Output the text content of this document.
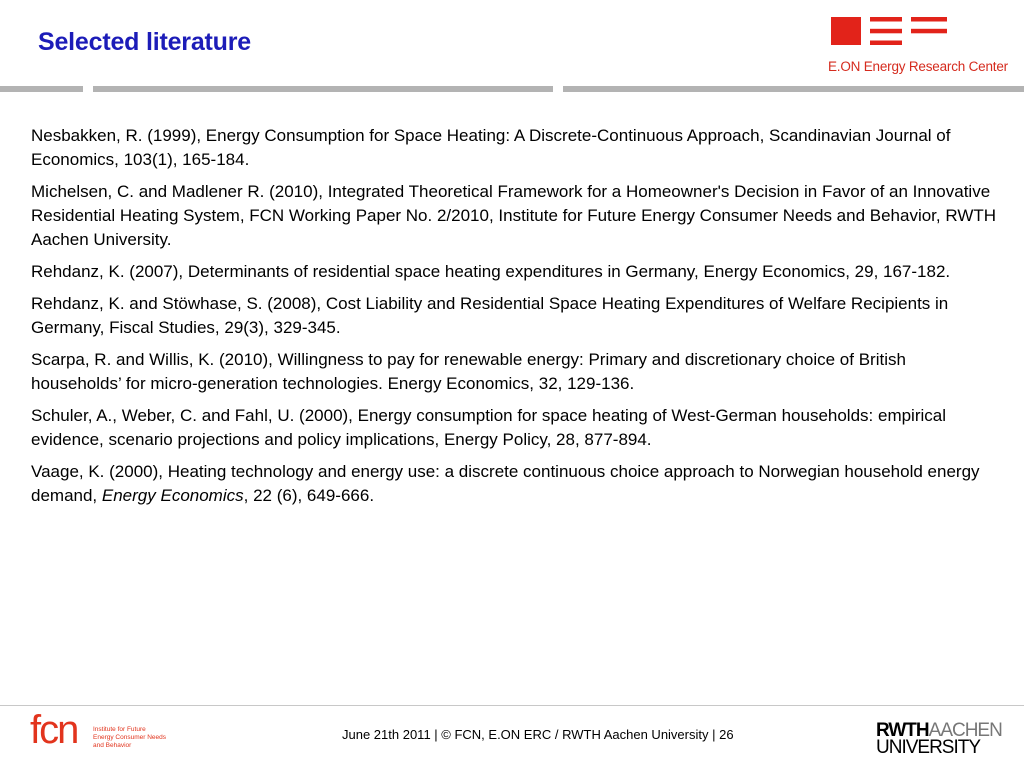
Selected literature
E.ON Energy Research Center

Nesbakken, R. (1999), Energy Consumption for Space Heating: A Discrete-Continuous Approach, Scandinavian Journal of Economics, 103(1), 165-184.

Michelsen, C. and Madlener R. (2010), Integrated Theoretical Framework for a Homeowner's Decision in Favor of an Innovative Residential Heating System, FCN Working Paper No. 2/2010, Institute for Future Energy Consumer Needs and Behavior, RWTH Aachen University.

Rehdanz, K. (2007), Determinants of residential space heating expenditures in Germany, Energy Economics, 29, 167-182.

Rehdanz, K. and Stöwhase, S. (2008), Cost Liability and Residential Space Heating Expenditures of Welfare Recipients in Germany, Fiscal Studies, 29(3), 329-345.

Scarpa, R. and Willis, K. (2010), Willingness to pay for renewable energy: Primary and discretionary choice of British households’ for micro-generation technologies. Energy Economics, 32, 129-136.

Schuler, A., Weber, C. and Fahl, U. (2000), Energy consumption for space heating of West-German households: empirical evidence, scenario projections and policy implications, Energy Policy, 28, 877-894.

Vaage, K. (2000), Heating technology and energy use: a discrete continuous choice approach to Norwegian household energy demand, Energy Economics, 22 (6), 649-666.

fcn Institute for Future
Energy Consumer Needs
and Behavior
June 21th 2011 | © FCN, E.ON ERC / RWTH Aachen University | 26	RWTHAACHEN
UNIVERSITY
